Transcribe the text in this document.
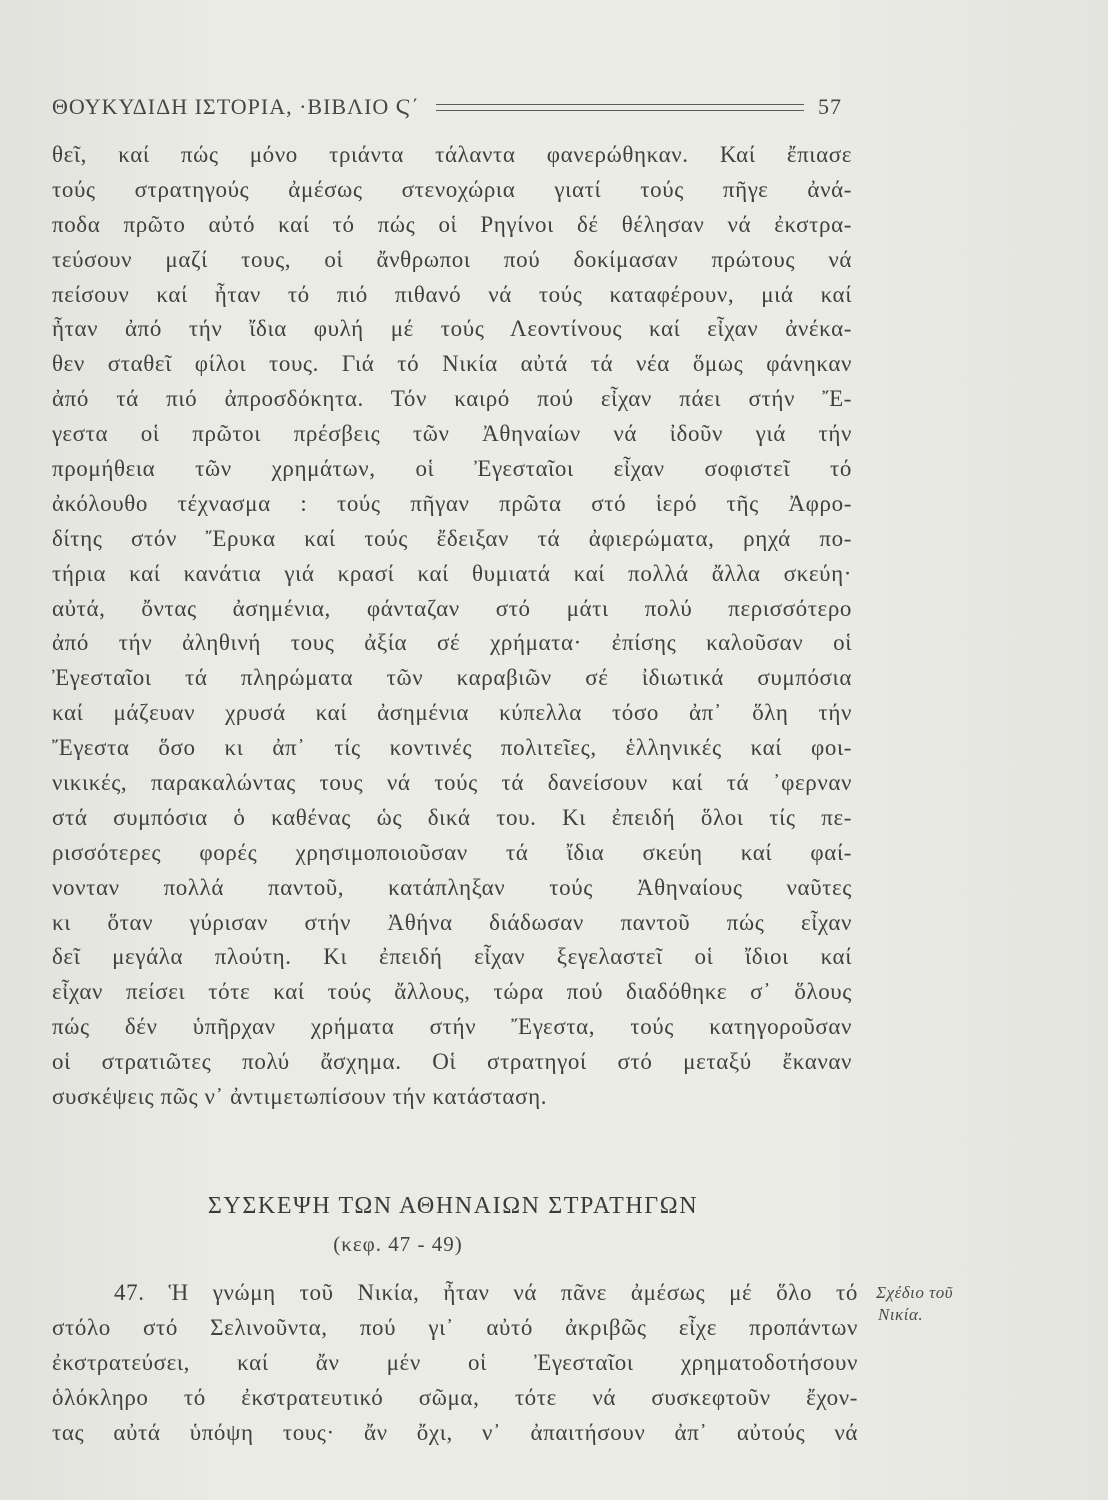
ΘΟΥΚΥΔΙΔΗ ΙΣΤΟΡΙΑ, ·ΒΙΒΛΙΟ Ϛ΄	57
θεῖ, καί πώς μόνο τριάντα τάλαντα φανερώθηκαν. Καί ἔπιασε
τούς στρατηγούς ἀμέσως στενοχώρια γιατί τούς πῆγε ἀνά-
ποδα πρῶτο αὐτό καί τό πώς οἱ Ρηγίνοι δέ θέλησαν νά ἐκστρα-
τεύσουν μαζί τους, οἱ ἄνθρωποι πού δοκίμασαν πρώτους νά
πείσουν καί ἦταν τό πιό πιθανό νά τούς καταφέρουν, μιά καί
ἦταν ἀπό τήν ἴδια φυλή μέ τούς Λεοντίνους καί εἶχαν ἀνέκα-
θεν σταθεῖ φίλοι τους. Γιά τό Νικία αὐτά τά νέα ὅμως φάνηκαν
ἀπό τά πιό ἀπροσδόκητα. Τόν καιρό πού εἶχαν πάει στήν Ἔ-
γεστα οἱ πρῶτοι πρέσβεις τῶν Ἀθηναίων νά ἰδοῦν γιά τήν
προμήθεια τῶν χρημάτων, οἱ Ἐγεσταῖοι εἶχαν σοφιστεῖ τό
ἀκόλουθο τέχνασμα : τούς πῆγαν πρῶτα στό ἱερό τῆς Ἀφρο-
δίτης στόν Ἔρυκα καί τούς ἔδειξαν τά ἀφιερώματα, ρηχά πο-
τήρια καί κανάτια γιά κρασί καί θυμιατά καί πολλά ἄλλα σκεύη·
αὐτά, ὄντας ἀσημένια, φάνταζαν στό μάτι πολύ περισσότερο
ἀπό τήν ἀληθινή τους ἀξία σέ χρήματα· ἐπίσης καλοῦσαν οἱ
Ἐγεσταῖοι τά πληρώματα τῶν καραβιῶν σέ ἰδιωτικά συμπόσια
καί μάζευαν χρυσά καί ἀσημένια κύπελλα τόσο ἀπ᾽ ὅλη τήν
Ἔγεστα ὅσο κι ἀπ᾽ τίς κοντινές πολιτεῖες, ἑλληνικές καί φοι-
νικικές, παρακαλώντας τους νά τούς τά δανείσουν καί τά ᾽φερναν
στά συμπόσια ὁ καθένας ὡς δικά του. Κι ἐπειδή ὅλοι τίς πε-
ρισσότερες φορές χρησιμοποιοῦσαν τά ἴδια σκεύη καί φαί-
νονταν πολλά παντοῦ, κατάπληξαν τούς Ἀθηναίους ναῦτες
κι ὅταν γύρισαν στήν Ἀθήνα διάδωσαν παντοῦ πώς εἶχαν
δεῖ μεγάλα πλούτη. Κι ἐπειδή εἶχαν ξεγελαστεῖ οἱ ἴδιοι καί
εἶχαν πείσει τότε καί τούς ἄλλους, τώρα πού διαδόθηκε σ᾽ ὅλους
πώς δέν ὑπῆρχαν χρήματα στήν Ἔγεστα, τούς κατηγοροῦσαν
οἱ στρατιῶτες πολύ ἄσχημα. Οἱ στρατηγοί στό μεταξύ ἔκαναν
συσκέψεις πῶς ν᾽ ἀντιμετωπίσουν τήν κατάσταση.
ΣΥΣΚΕΨΗ ΤΩΝ ΑΘΗΝΑΙΩΝ ΣΤΡΑΤΗΓΩΝ
(κεφ. 47 - 49)
47. Ἡ γνώμη τοῦ Νικία, ἦταν νά πᾶνε ἀμέσως μέ ὅλο τό
στόλο στό Σελινοῦντα, πού γι᾽ αὐτό ἀκριβῶς εἶχε προπάντων
ἐκστρατεύσει, καί ἄν μέν οἱ Ἐγεσταῖοι χρηματοδοτήσουν
ὁλόκληρο τό ἐκστρατευτικό σῶμα, τότε νά συσκεφτοῦν ἔχον-
τας αὐτά ὑπόψη τους· ἄν ὄχι, ν᾽ ἀπαιτήσουν ἀπ᾽ αὐτούς νά
Σχέδιο τοῦ
Νικία.
